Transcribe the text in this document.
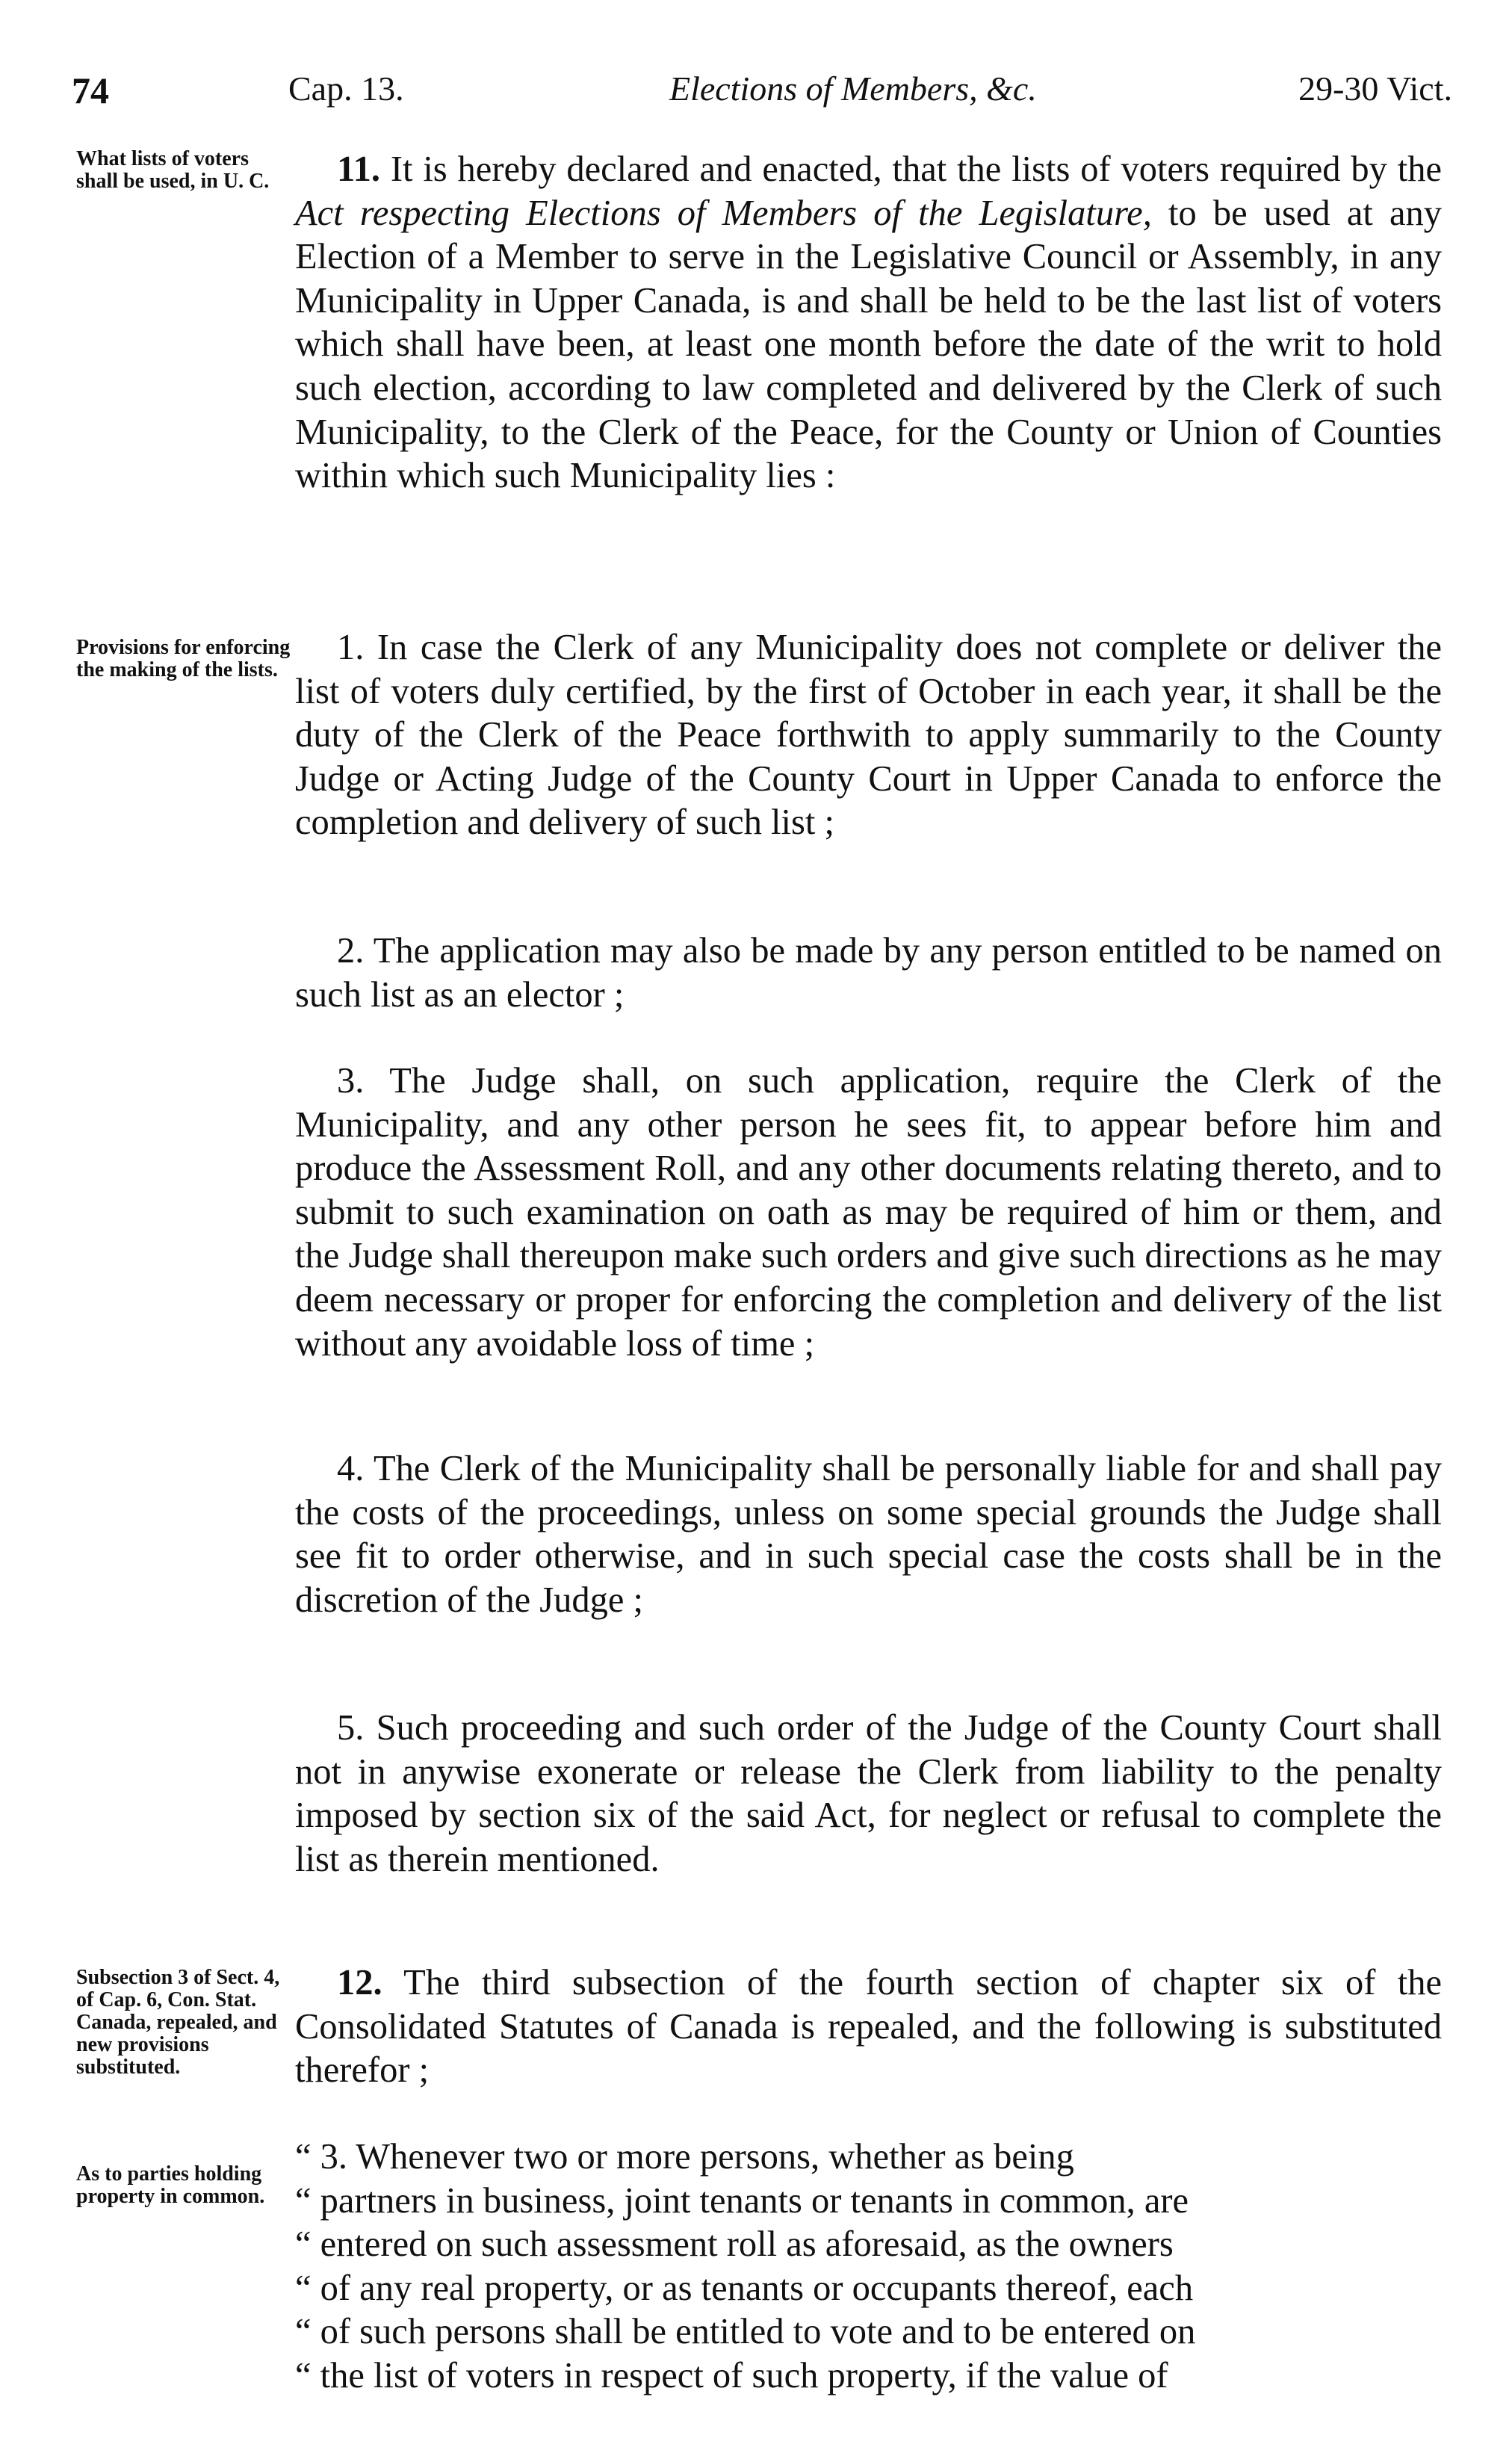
74	Cap. 13.	Elections of Members, &c.	29-30 Vict.
What lists of voters shall be used, in U. C.
Provisions for enforcing the making of the lists.
Subsection 3 of Sect. 4, of Cap. 6, Con. Stat. Canada, repealed, and new provisions substituted.
As to parties holding property in common.

11. It is hereby declared and enacted, that the lists of voters required by the Act respecting Elections of Members of the Legislature, to be used at any Election of a Member to serve in the Legislative Council or Assembly, in any Municipality in Upper Canada, is and shall be held to be the last list of voters which shall have been, at least one month before the date of the writ to hold such election, according to law completed and delivered by the Clerk of such Municipality, to the Clerk of the Peace, for the County or Union of Counties within which such Municipality lies :

1. In case the Clerk of any Municipality does not complete or deliver the list of voters duly certified, by the first of October in each year, it shall be the duty of the Clerk of the Peace forthwith to apply summarily to the County Judge or Acting Judge of the County Court in Upper Canada to enforce the completion and delivery of such list ;

2. The application may also be made by any person entitled to be named on such list as an elector ;

3. The Judge shall, on such application, require the Clerk of the Municipality, and any other person he sees fit, to appear before him and produce the Assessment Roll, and any other documents relating thereto, and to submit to such examination on oath as may be required of him or them, and the Judge shall thereupon make such orders and give such directions as he may deem necessary or proper for enforcing the completion and delivery of the list without any avoidable loss of time ;

4. The Clerk of the Municipality shall be personally liable for and shall pay the costs of the proceedings, unless on some special grounds the Judge shall see fit to order otherwise, and in such special case the costs shall be in the discretion of the Judge ;

5. Such proceeding and such order of the Judge of the County Court shall not in anywise exonerate or release the Clerk from liability to the penalty imposed by section six of the said Act, for neglect or refusal to complete the list as therein mentioned.

12. The third subsection of the fourth section of chapter six of the Consolidated Statutes of Canada is repealed, and the following is substituted therefor ;

“ 3. Whenever two or more persons, whether as being

“ partners in business, joint tenants or tenants in common, are

“ entered on such assessment roll as aforesaid, as the owners

“ of any real property, or as tenants or occupants thereof, each

“ of such persons shall be entitled to vote and to be entered on

“ the list of voters in respect of such property, if the value of
